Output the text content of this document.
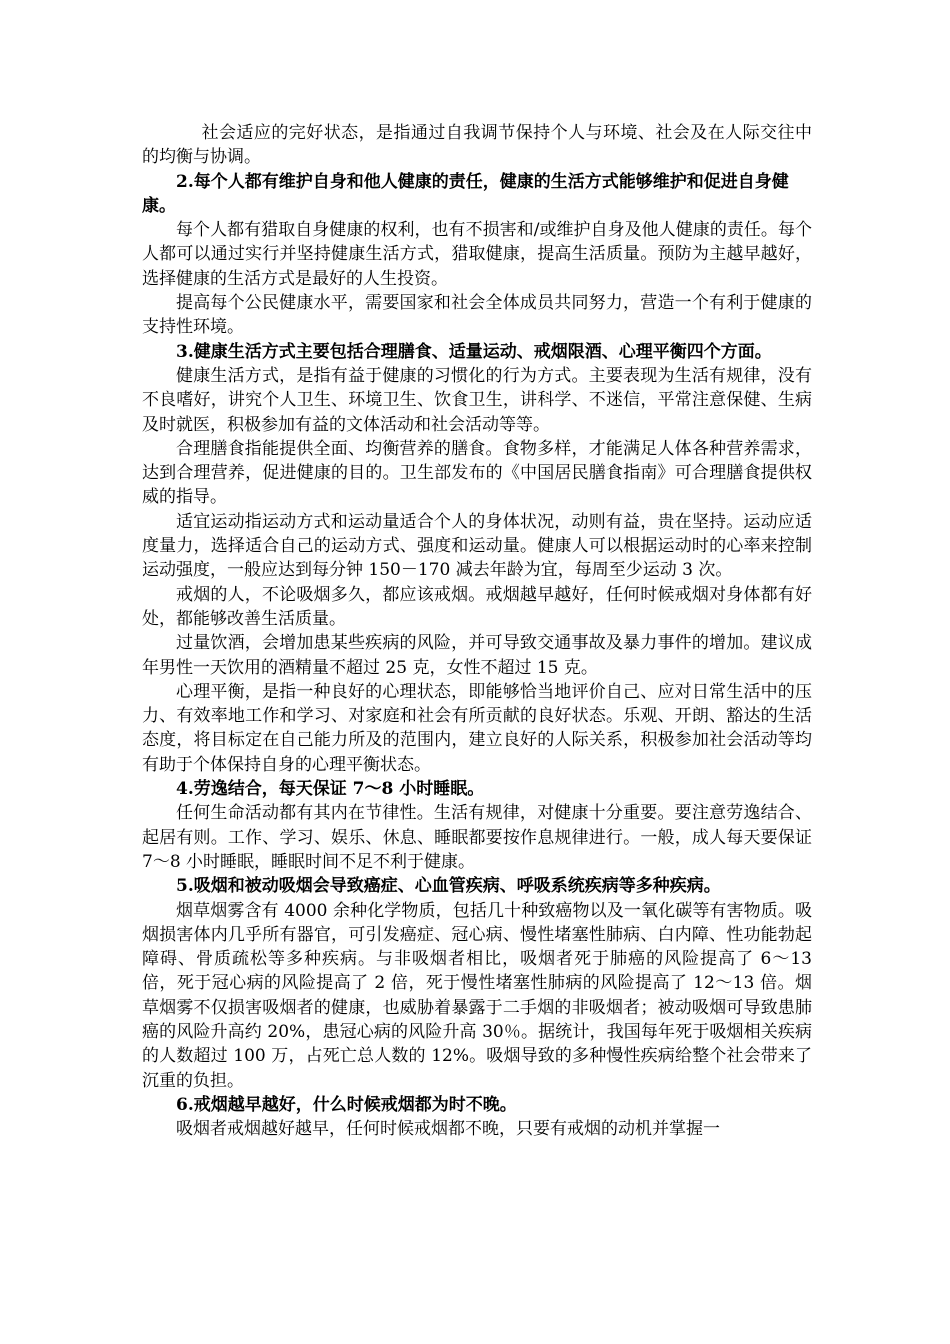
社会适应的完好状态，是指通过自我调节保持个人与环境、社会及在人际交往中的均衡与协调。

2.每个人都有维护自身和他人健康的责任，健康的生活方式能够维护和促进自身健康。

每个人都有猎取自身健康的权利，也有不损害和/或维护自身及他人健康的责任。每个人都可以通过实行并坚持健康生活方式，猎取健康，提高生活质量。预防为主越早越好，选择健康的生活方式是最好的人生投资。

提高每个公民健康水平，需要国家和社会全体成员共同努力，营造一个有利于健康的支持性环境。

3.健康生活方式主要包括合理膳食、适量运动、戒烟限酒、心理平衡四个方面。

健康生活方式，是指有益于健康的习惯化的行为方式。主要表现为生活有规律，没有不良嗜好，讲究个人卫生、环境卫生、饮食卫生，讲科学、不迷信，平常注意保健、生病及时就医，积极参加有益的文体活动和社会活动等等。

合理膳食指能提供全面、均衡营养的膳食。食物多样，才能满足人体各种营养需求，达到合理营养，促进健康的目的。卫生部发布的《中国居民膳食指南》可合理膳食提供权威的指导。

适宜运动指运动方式和运动量适合个人的身体状况，动则有益，贵在坚持。运动应适度量力，选择适合自己的运动方式、强度和运动量。健康人可以根据运动时的心率来控制运动强度，一般应达到每分钟 150－170 减去年龄为宜，每周至少运动 3 次。

戒烟的人，不论吸烟多久，都应该戒烟。戒烟越早越好，任何时候戒烟对身体都有好处，都能够改善生活质量。

过量饮酒，会增加患某些疾病的风险，并可导致交通事故及暴力事件的增加。建议成年男性一天饮用的酒精量不超过 25 克，女性不超过 15 克。

心理平衡，是指一种良好的心理状态，即能够恰当地评价自己、应对日常生活中的压力、有效率地工作和学习、对家庭和社会有所贡献的良好状态。乐观、开朗、豁达的生活态度，将目标定在自己能力所及的范围内，建立良好的人际关系，积极参加社会活动等均有助于个体保持自身的心理平衡状态。

4.劳逸结合，每天保证 7～8 小时睡眠。

任何生命活动都有其内在节律性。生活有规律，对健康十分重要。要注意劳逸结合、起居有则。工作、学习、娱乐、休息、睡眠都要按作息规律进行。一般，成人每天要保证 7～8 小时睡眠，睡眠时间不足不利于健康。

5.吸烟和被动吸烟会导致癌症、心血管疾病、呼吸系统疾病等多种疾病。

烟草烟雾含有 4000 余种化学物质，包括几十种致癌物以及一氧化碳等有害物质。吸烟损害体内几乎所有器官，可引发癌症、冠心病、慢性堵塞性肺病、白内障、性功能勃起障碍、骨质疏松等多种疾病。与非吸烟者相比，吸烟者死于肺癌的风险提高了 6～13 倍，死于冠心病的风险提高了 2 倍，死于慢性堵塞性肺病的风险提高了 12～13 倍。烟草烟雾不仅损害吸烟者的健康，也威胁着暴露于二手烟的非吸烟者；被动吸烟可导致患肺癌的风险升高约 20%，患冠心病的风险升高 30％。据统计，我国每年死于吸烟相关疾病的人数超过 100 万，占死亡总人数的 12%。吸烟导致的多种慢性疾病给整个社会带来了沉重的负担。

6.戒烟越早越好，什么时候戒烟都为时不晚。

吸烟者戒烟越好越早，任何时候戒烟都不晚，只要有戒烟的动机并掌握一
